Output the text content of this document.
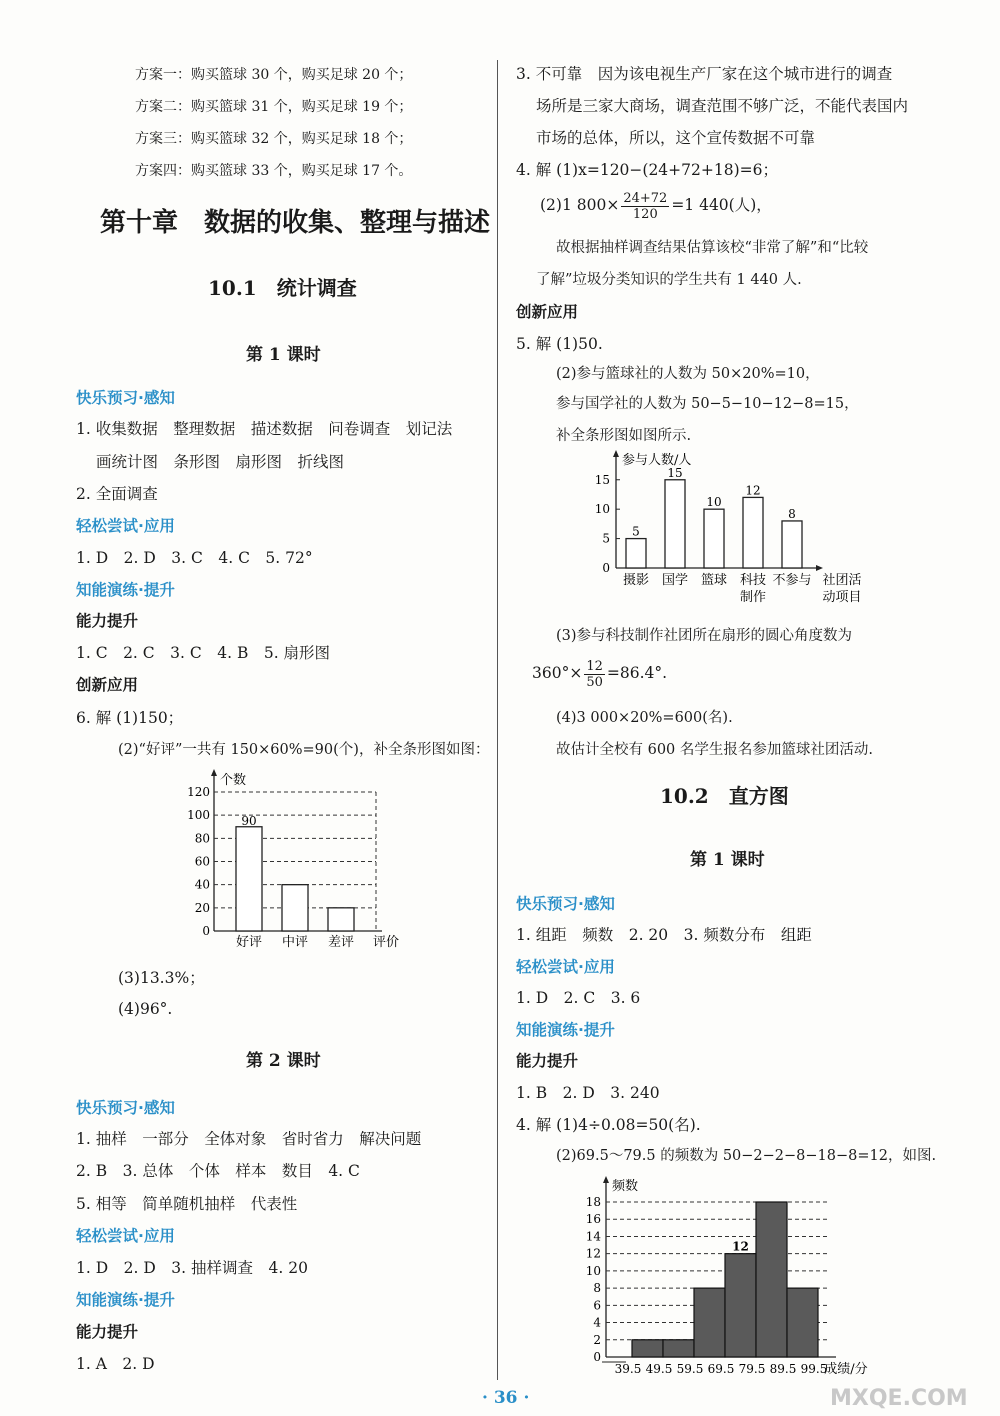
方案一：购买篮球 30 个，购买足球 20 个；
方案二：购买篮球 31 个，购买足球 19 个；
方案三：购买篮球 32 个，购买足球 18 个；
方案四：购买篮球 33 个，购买足球 17 个。
第十章　数据的收集、整理与描述
10.1　统计调查
第 1 课时
快乐预习·感知
1. 收集数据　整理数据　描述数据　问卷调查　划记法
画统计图　条形图　扇形图　折线图
2. 全面调查
轻松尝试·应用
1. D　2. D　3. C　4. C　5. 72°
知能演练·提升
能力提升
1. C　2. C　3. C　4. B　5. 扇形图
创新应用
6. 解 (1)150；
(2)“好评”一共有 150×60%=90(个)，补全条形图如图：
个数
0
20
40
60
80
100
120
90
好评 中评 差评 评价
(3)13.3%；
(4)96°.
第 2 课时
快乐预习·感知
1. 抽样　一部分　全体对象　省时省力　解决问题
2. B　3. 总体　个体　样本　数目　4. C
5. 相等　简单随机抽样　代表性
轻松尝试·应用
1. D　2. D　3. 抽样调查　4. 20
知能演练·提升
能力提升
1. A　2. D
3. 不可靠　因为该电视生产厂家在这个城市进行的调查
场所是三家大商场，调查范围不够广泛，不能代表国内
市场的总体，所以，这个宣传数据不可靠
4. 解 (1)x=120−(24+72+18)=6；
(2)1 $800\times \frac{24+72}{120} =1$ 440(人)，
故根据抽样调查结果估算该校“非常了解”和“比较
了解”垃圾分类知识的学生共有 1 440 人.
创新应用
5. 解 (1)50.
(2)参与篮球社的人数为 50×20%=10，
参与国学社的人数为 50−5−10−12−8=15，
补全条形图如图所示.
参与人数/人
0
5
10
15
5
摄影
15
国学
10
篮球
12
科技
制作
8
不参与 社团活
动项目
(3)参与科技制作社团所在扇形的圆心角度数为
$360^\circ\times \frac{12}{50} =86.4^\circ$.
(4)3 000×20%=600(名).
故估计全校有 600 名学生报名参加篮球社团活动.
10.2　直方图
第 1 课时
快乐预习·感知
1. 组距　频数　2. 20　3. 频数分布　组距
轻松尝试·应用
1. D　2. C　3. 6
知能演练·提升
能力提升
1. B　2. D　3. 240
4. 解 (1)4÷0.08=50(名).
(2)69.5～79.5 的频数为 50−2−2−8−18−8=12，如图.
频数
0
2
4
6
8
10
12
14
16
18
12
39.5 49.5 59.5 69.5 79.5 89.5 99.5
成绩/分
· 36 ·	MXQE.COM
